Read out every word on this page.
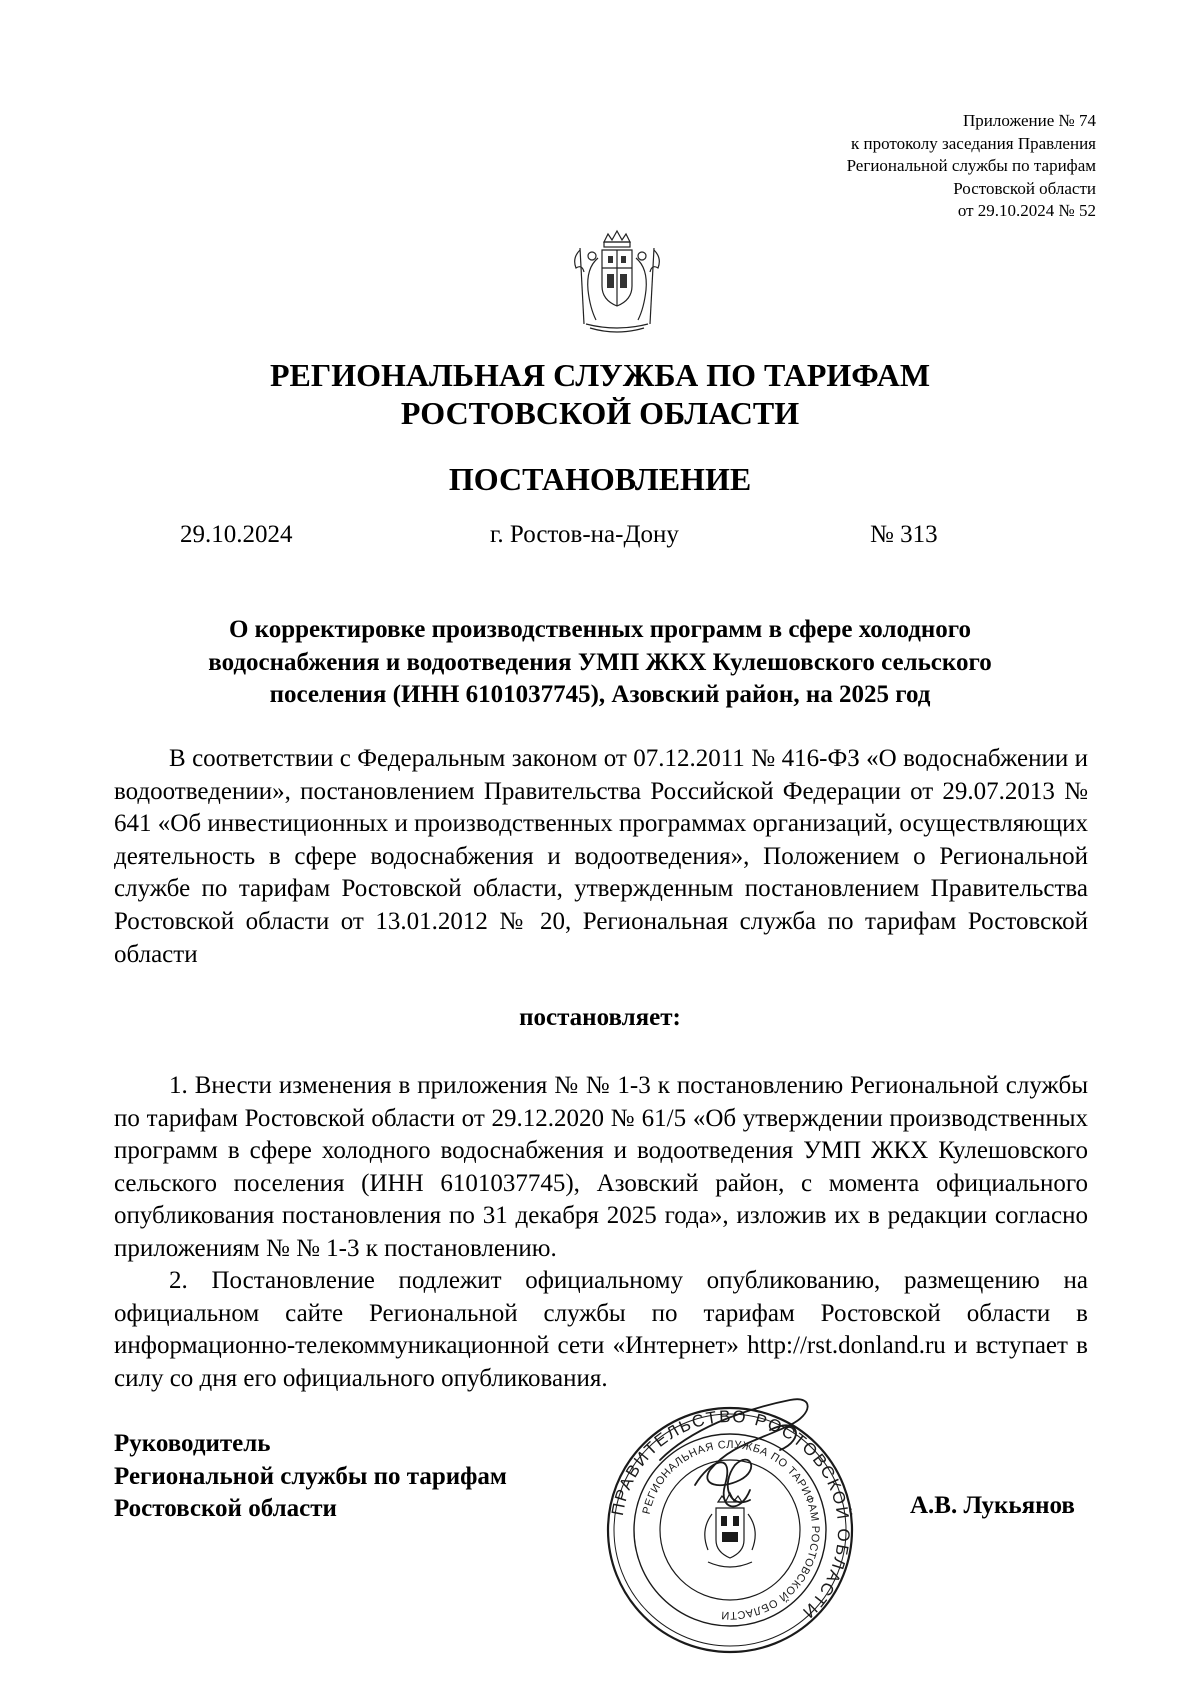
Приложение № 74
к протоколу заседания Правления
Региональной службы по тарифам
Ростовской области
от 29.10.2024 № 52
РЕГИОНАЛЬНАЯ СЛУЖБА ПО ТАРИФАМ
РОСТОВСКОЙ ОБЛАСТИ
ПОСТАНОВЛЕНИЕ
29.10.2024	г. Ростов-на-Дону	№ 313
О корректировке производственных программ в сфере холодного
водоснабжения и водоотведения УМП ЖКХ Кулешовского сельского
поселения (ИНН 6101037745), Азовский район, на 2025 год
В соответствии с Федеральным законом от 07.12.2011 № 416-ФЗ «О водоснабжении и водоотведении», постановлением Правительства Российской Федерации от 29.07.2013 № 641 «Об инвестиционных и производственных программах организаций, осуществляющих деятельность в сфере водоснабжения и водоотведения», Положением о Региональной службе по тарифам Ростовской области, утвержденным постановлением Правительства Ростовской области от 13.01.2012 № 20, Региональная служба по тарифам Ростовской области
постановляет:
1. Внести изменения в приложения № № 1-3 к постановлению Региональной службы по тарифам Ростовской области от 29.12.2020 № 61/5 «Об утверждении производственных программ в сфере холодного водоснабжения и водоотведения УМП ЖКХ Кулешовского сельского поселения (ИНН 6101037745), Азовский район, с момента официального опубликования постановления по 31 декабря 2025 года», изложив их в редакции согласно приложениям № № 1-3 к постановлению.
2. Постановление подлежит официальному опубликованию, размещению на официальном сайте Региональной службы по тарифам Ростовской области в информационно-телекоммуникационной сети «Интернет» http://rst.donland.ru и вступает в силу со дня его официального опубликования.
Руководитель
Региональной службы по тарифам
Ростовской области	А.В. Лукьянов
ПРАВИТЕЛЬСТВО РОСТОВСКОЙ ОБЛАСТИ
РЕГИОНАЛЬНАЯ СЛУЖБА ПО ТАРИФАМ РОСТОВСКОЙ ОБЛАСТИ
